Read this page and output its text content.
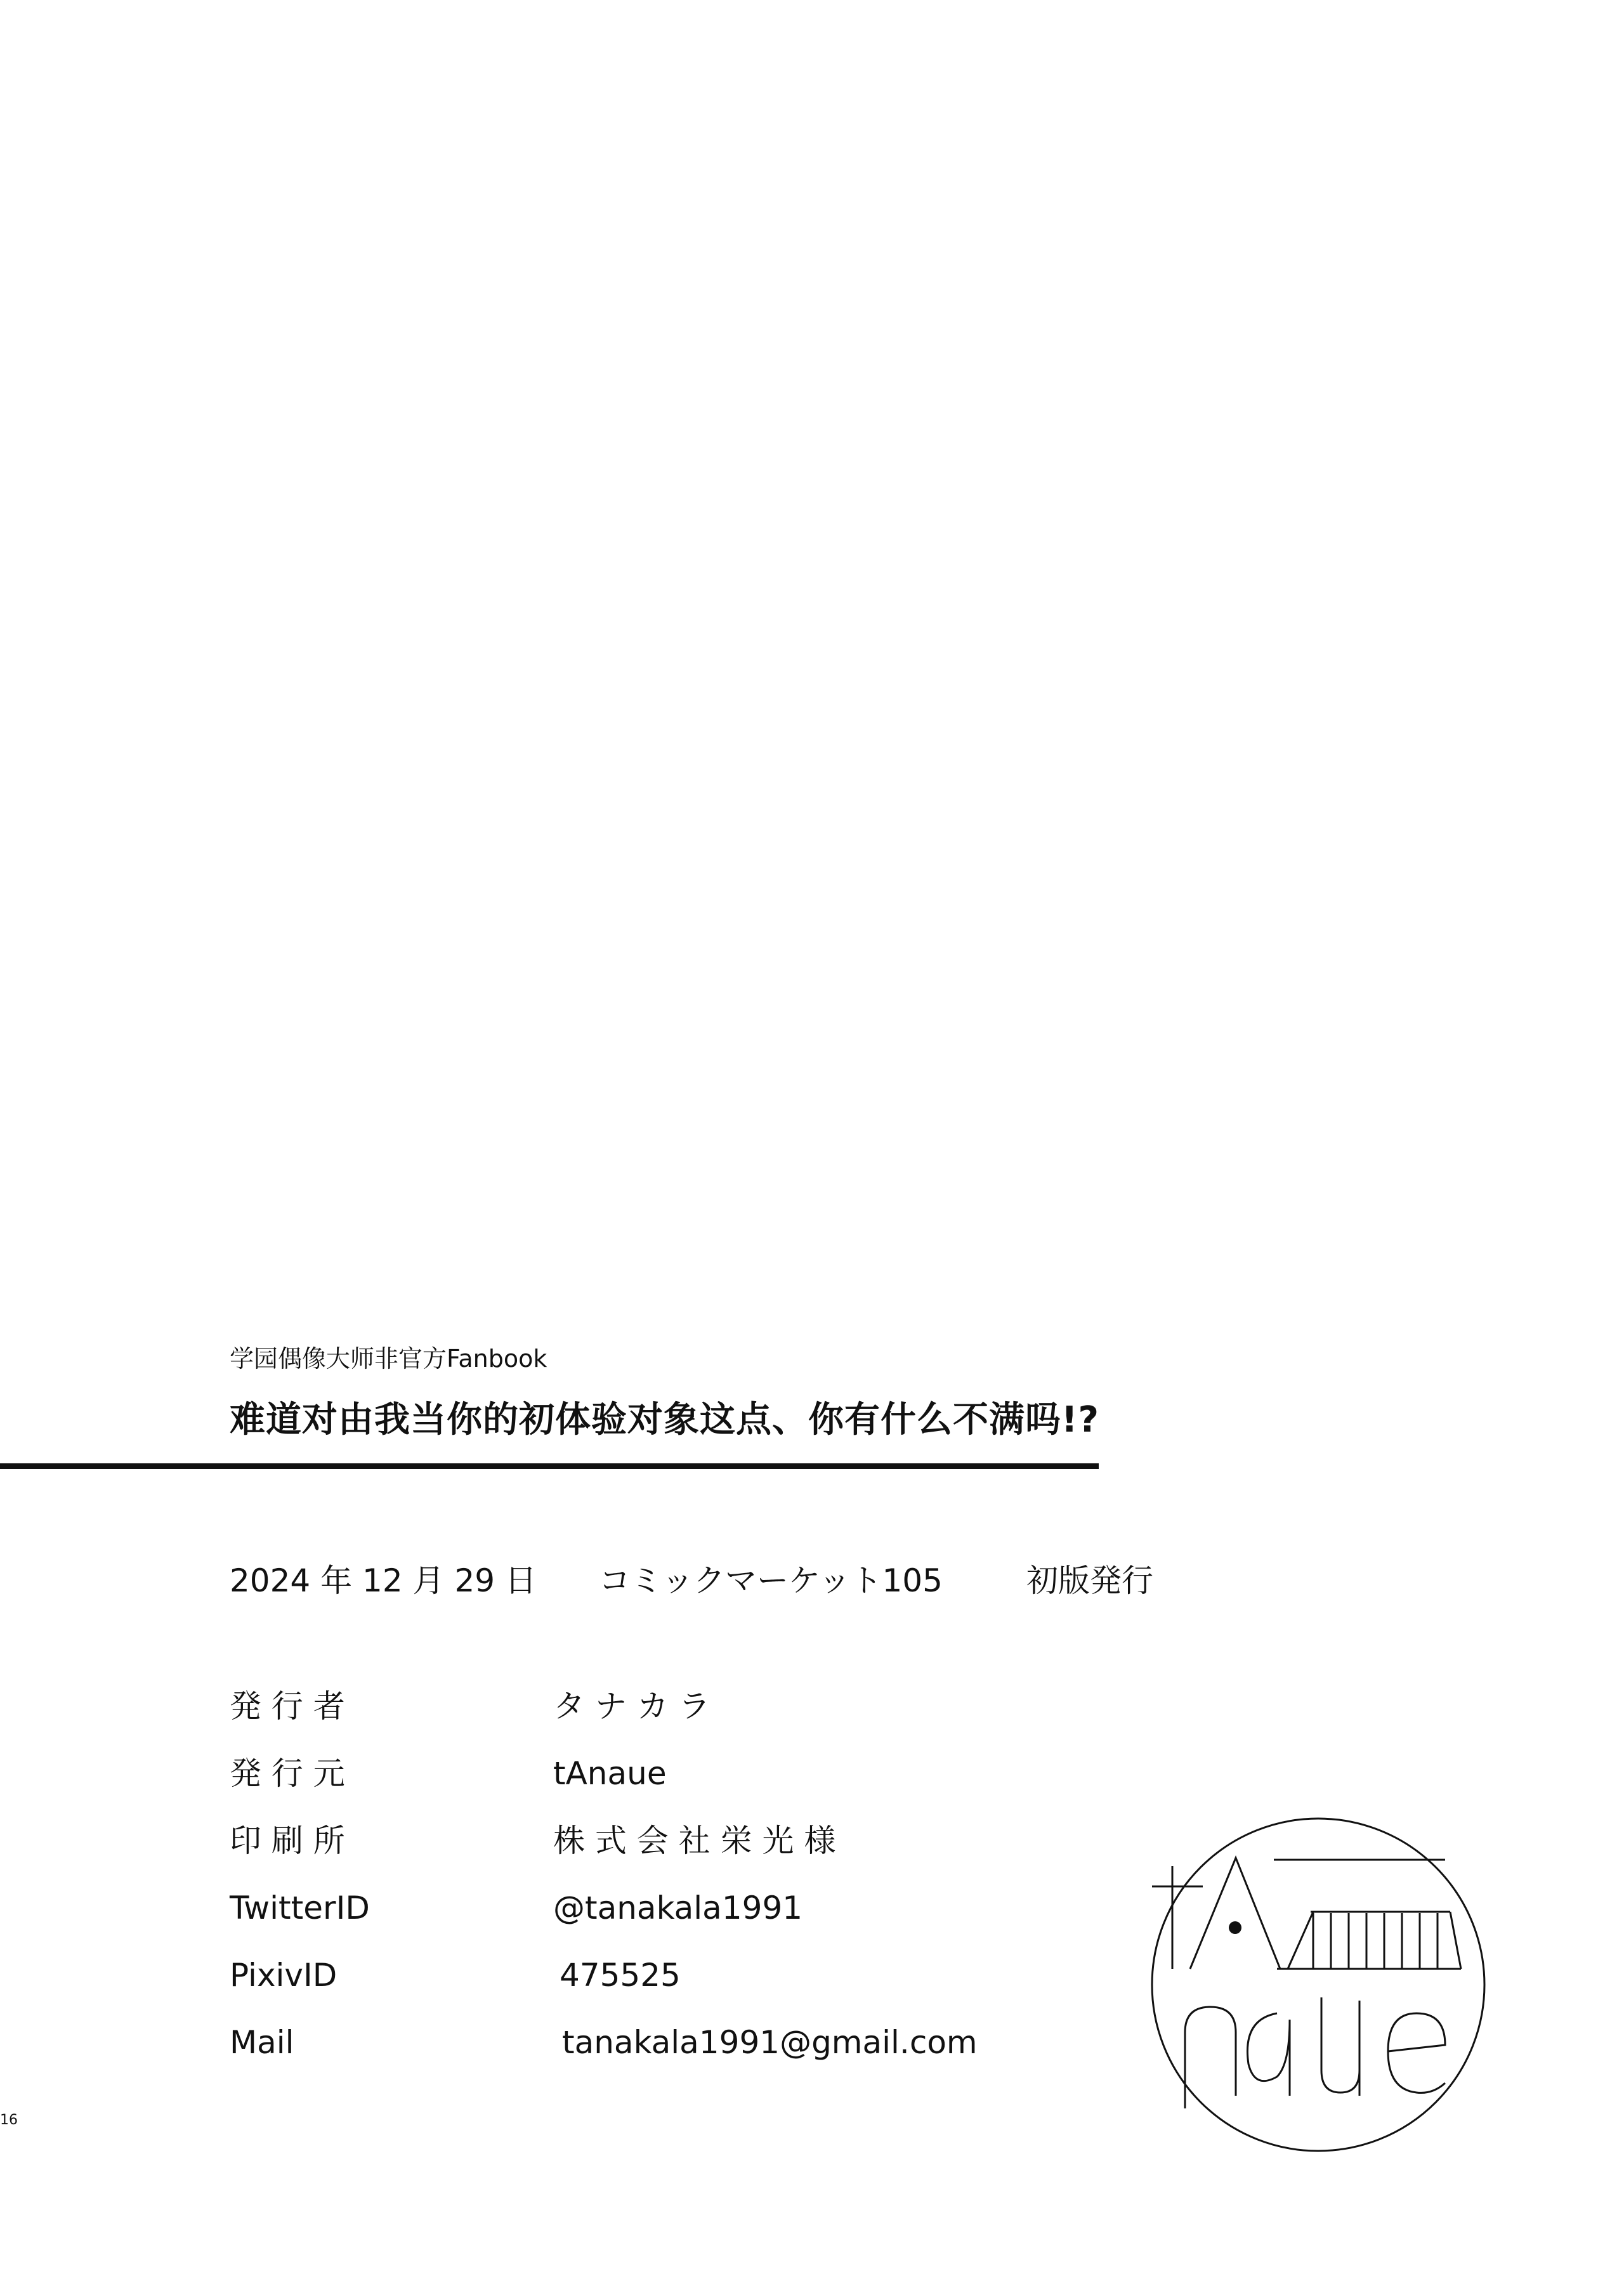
学园偶像大师非官方Fanbook
难道对由我当你的初体验对象这点、你有什么不满吗!?
2024 年 12 月 29 日 コミックマーケット105	初版発行
発 行 者	タ ナ カ ラ
発 行 元	tAnaue
印 刷 所	株 式 会 社 栄 光 様
TwitterID	@tanakala1991
PixivID	475525
Mail	tanakala1991@gmail.com
16
